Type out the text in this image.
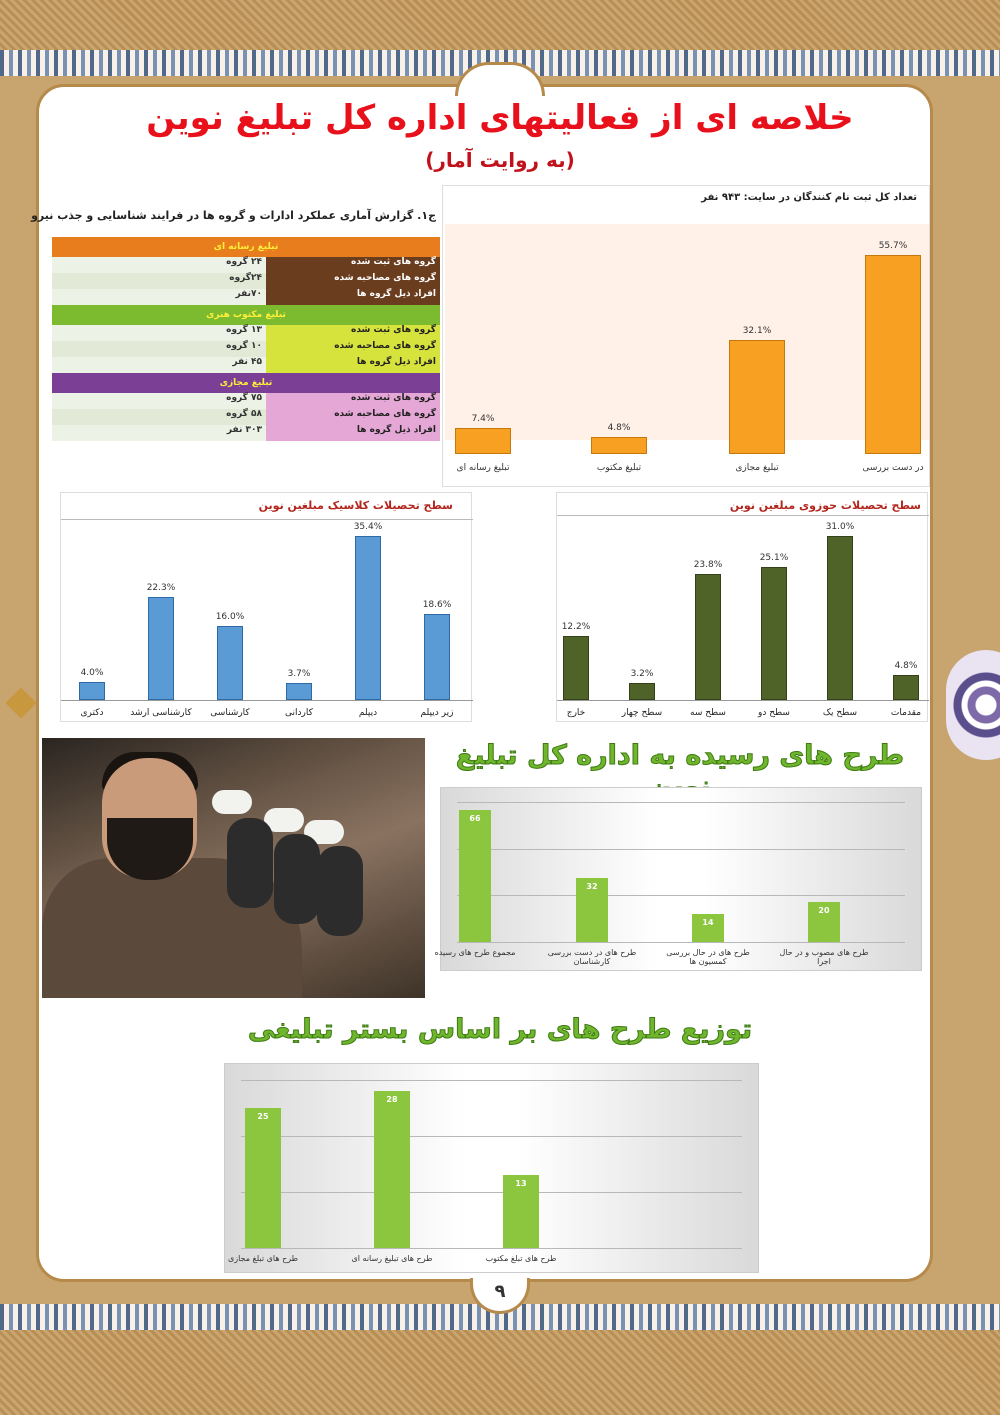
خلاصه ای از فعالیتهای اداره کل تبلیغ نوین
(به روایت آمار)
تعداد کل ثبت نام کنندگان در سایت: ۹۴۳ نفر
7.4%
تبلیغ رسانه ای
4.8%
تبلیغ مکتوب
32.1%
تبلیغ مجازی
55.7%
در دست بررسی
ج۱. گزارش آماری عملکرد ادارات و گروه ها در فرایند شناسایی و جذب نیرو
تبلیغ رسانه ای
گروه های ثبت شده
۲۴ گروه
گروه های مصاحبه شده
۲۴گروه
افراد ذیل گروه ها
۷۰نفر
تبلیغ مکتوب هنری
گروه های ثبت شده
۱۳ گروه
گروه های مصاحبه شده
۱۰ گروه
افراد ذیل گروه ها
۴۵ نفر
تبلیغ مجازی
گروه های ثبت شده
۷۵ گروه
گروه های مصاحبه شده
۵۸ گروه
افراد ذیل گروه ها
۳۰۳ نفر
سطح تحصیلات کلاسیک مبلغین نوین
4.0%
دکتری
22.3%
کارشناسی ارشد
16.0%
کارشناسی
3.7%
کاردانی
35.4%
دیپلم
18.6%
زیر دیپلم
سطح تحصیلات حوزوی مبلغین نوین
12.2%
خارج
3.2%
سطح چهار
23.8%
سطح سه
25.1%
سطح دو
31.0%
سطح یک
4.8%
مقدمات
طرح های رسیده به اداره کل تبلیغ
66
مجموع طرح های رسیده
32
طرح های در دست بررسی کارشناسان
14
طرح های در حال بررسی کمسیون ها
20
طرح های مصوب و در حال اجرا
توزیع طرح های بر اساس بستر تبلیغی
25
طرح های تبلغ مجازی
28
طرح های تبلیغ رسانه ای
13
طرح های تبلغ مکتوب
۹
